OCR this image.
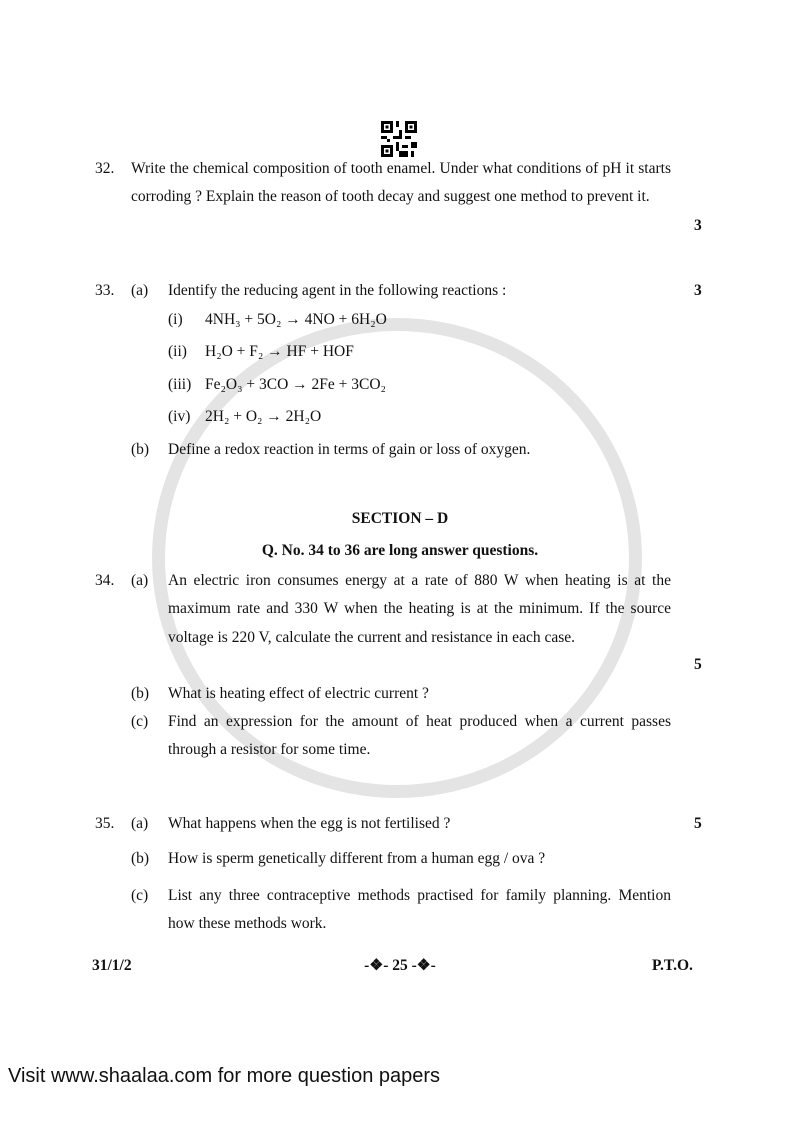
32. Write the chemical composition of tooth enamel. Under what conditions of pH it starts corroding ? Explain the reason of tooth decay and suggest one method to prevent it.
3
33. (a) Identify the reducing agent in the following reactions :	3
(i) 4NH₃ + 5O₂ → 4NO + 6H₂O
(ii) H₂O + F₂ → HF + HOF
(iii) Fe₂O₃ + 3CO → 2Fe + 3CO₂
(iv) 2H₂ + O₂ → 2H₂O
(b) Define a redox reaction in terms of gain or loss of oxygen.
SECTION – D
Q. No. 34 to 36 are long answer questions.
34. (a) An electric iron consumes energy at a rate of 880 W when heating is at the maximum rate and 330 W when the heating is at the minimum. If the source voltage is 220 V, calculate the current and resistance in each case.
5
(b) What is heating effect of electric current ?
(c) Find an expression for the amount of heat produced when a current passes through a resistor for some time.
35. (a) What happens when the egg is not fertilised ?	5
(b) How is sperm genetically different from a human egg / ova ?
(c) List any three contraceptive methods practised for family planning. Mention how these methods work.
31/1/2	-❖- 25 -❖-	P.T.O.
Visit www.shaalaa.com for more question papers
